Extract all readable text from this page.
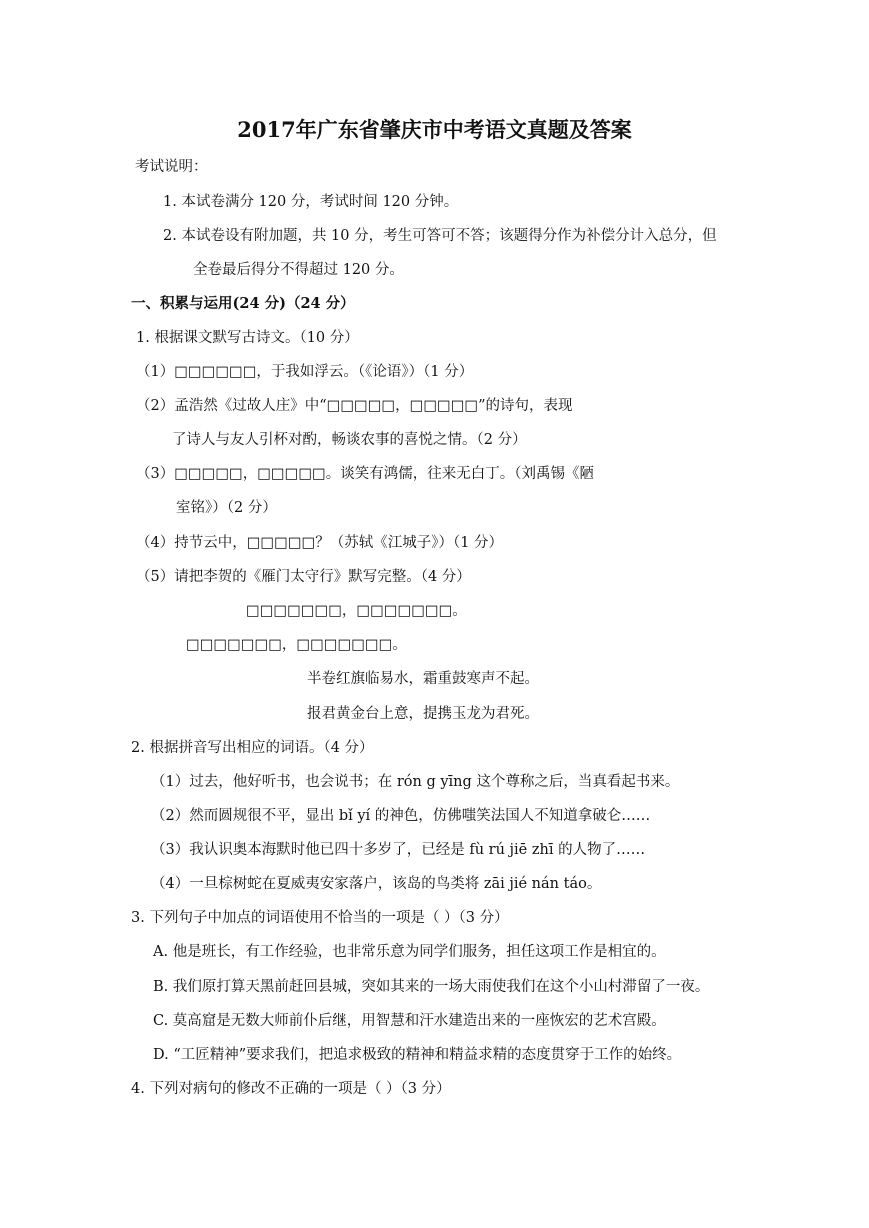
2017年广东省肇庆市中考语文真题及答案
考试说明：
1. 本试卷满分 120 分，考试时间 120 分钟。
2. 本试卷设有附加题，共 10 分，考生可答可不答；该题得分作为补偿分计入总分，但
全卷最后得分不得超过 120 分。
一、积累与运用(24 分)（24 分）
1. 根据课文默写古诗文。（10 分）
（1）□□□□□□，于我如浮云。（《论语》）（1 分）
（2）孟浩然《过故人庄》中“□□□□□，□□□□□”的诗句，表现
了诗人与友人引杯对酌，畅谈农事的喜悦之情。（2 分）
（3）□□□□□，□□□□□。谈笑有鸿儒，往来无白丁。（刘禹锡《陋
室铭》）（2 分）
（4）持节云中，□□□□□？（苏轼《江城子》）（1 分）
（5）请把李贺的《雁门太守行》默写完整。（4 分）
□□□□□□□，□□□□□□□。
□□□□□□□，□□□□□□□。
半卷红旗临易水，霜重鼓寒声不起。
报君黄金台上意，提携玉龙为君死。
2. 根据拼音写出相应的词语。（4 分）
（1）过去，他好听书，也会说书；在 rón g yīng 这个尊称之后，当真看起书来。
（2）然而圆规很不平，显出 bǐ yí 的神色，仿佛嗤笑法国人不知道拿破仑……
（3）我认识奥本海默时他已四十多岁了，已经是 fù rú jiē zhī 的人物了……
（4）一旦棕树蛇在夏威夷安家落户，该岛的鸟类将 zāi jié nán táo。
3. 下列句子中加点的词语使用不恰当的一项是（ ）（3 分）
A. 他是班长，有工作经验，也非常乐意为同学们服务，担任这项工作是相宜的。
B. 我们原打算天黑前赶回县城，突如其来的一场大雨使我们在这个小山村滞留了一夜。
C. 莫高窟是无数大师前仆后继，用智慧和汗水建造出来的一座恢宏的艺术宫殿。
D. “工匠精神”要求我们，把追求极致的精神和精益求精的态度贯穿于工作的始终。
4. 下列对病句的修改不正确的一项是（ ）（3 分）
